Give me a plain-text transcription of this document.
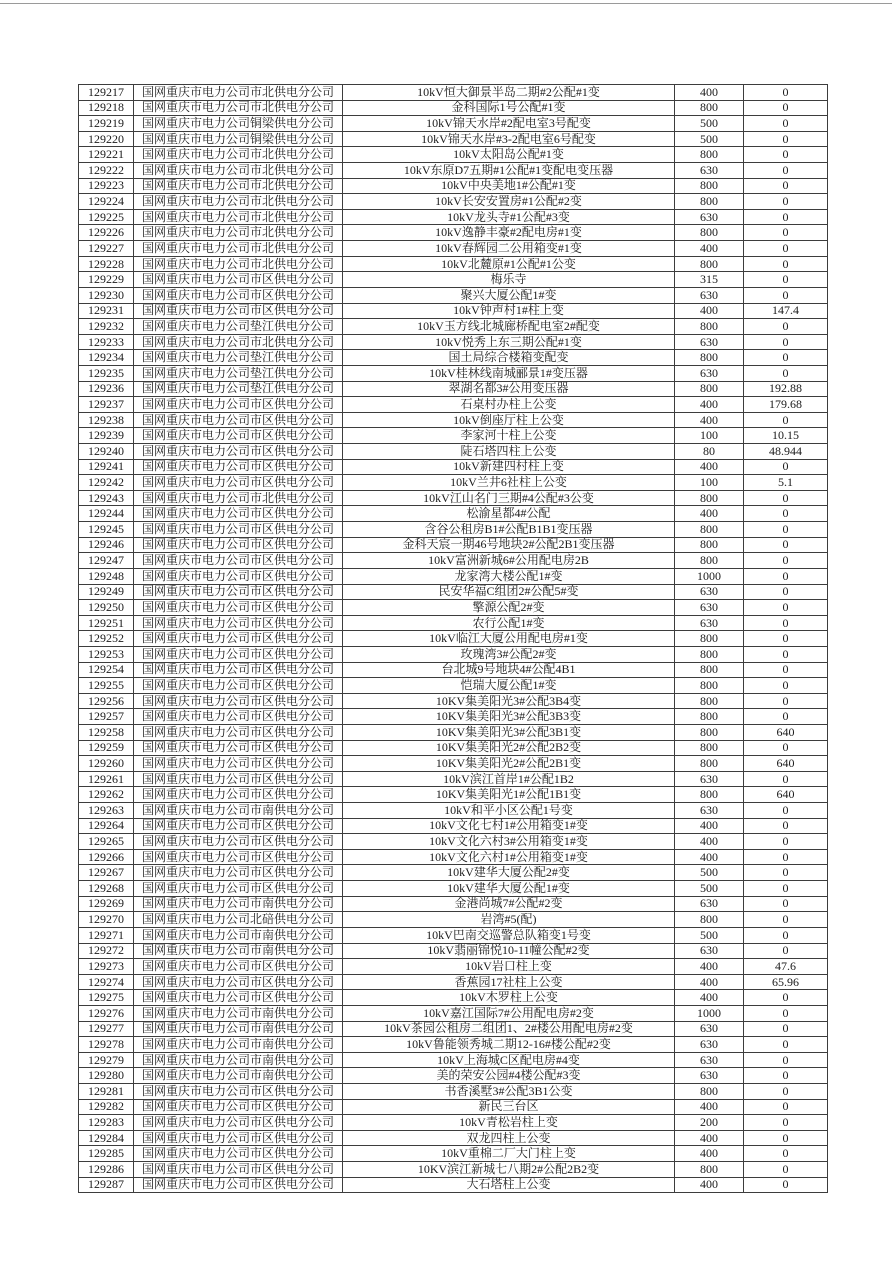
129217	国网重庆市电力公司市北供电分公司	10kV恒大御景半岛二期#2公配#1变	400	0
129218	国网重庆市电力公司市北供电分公司	金科国际1号公配#1变	800	0
129219	国网重庆市电力公司铜梁供电分公司	10kV锦天水岸#2配电室3号配变	500	0
129220	国网重庆市电力公司铜梁供电分公司	10kV锦天水岸#3-2配电室6号配变	500	0
129221	国网重庆市电力公司市北供电分公司	10kV太阳岛公配#1变	800	0
129222	国网重庆市电力公司市北供电分公司	10kV东原D7五期#1公配#1变配电变压器	630	0
129223	国网重庆市电力公司市北供电分公司	10kV中央美地1#公配#1变	800	0
129224	国网重庆市电力公司市北供电分公司	10kV长安安置房#1公配#2变	800	0
129225	国网重庆市电力公司市北供电分公司	10kV龙头寺#1公配#3变	630	0
129226	国网重庆市电力公司市北供电分公司	10kV逸静丰豪#2配电房#1变	800	0
129227	国网重庆市电力公司市北供电分公司	10kV春辉园二公用箱变#1变	400	0
129228	国网重庆市电力公司市北供电分公司	10kV北麓原#1公配#1公变	800	0
129229	国网重庆市电力公司市区供电分公司	梅乐寺	315	0
129230	国网重庆市电力公司市区供电分公司	聚兴大厦公配1#变	630	0
129231	国网重庆市电力公司市区供电分公司	10kV钟声村1#柱上变	400	147.4
129232	国网重庆市电力公司垫江供电分公司	10kV玉方线北城廊桥配电室2#配变	800	0
129233	国网重庆市电力公司市北供电分公司	10kV悦秀上东三期公配#1变	630	0
129234	国网重庆市电力公司垫江供电分公司	国土局综合楼箱变配变	800	0
129235	国网重庆市电力公司垫江供电分公司	10kV桂林线南城郦景1#变压器	630	0
129236	国网重庆市电力公司垫江供电分公司	翠湖名都3#公用变压器	800	192.88
129237	国网重庆市电力公司市区供电分公司	石桌村办柱上公变	400	179.68
129238	国网重庆市电力公司市区供电分公司	10kV倒座厅柱上公变	400	0
129239	国网重庆市电力公司市区供电分公司	李家河十柱上公变	100	10.15
129240	国网重庆市电力公司市区供电分公司	陡石塔四柱上公变	80	48.944
129241	国网重庆市电力公司市区供电分公司	10kV新建四村柱上变	400	0
129242	国网重庆市电力公司市区供电分公司	10kV兰井6社柱上公变	100	5.1
129243	国网重庆市电力公司市北供电分公司	10kV江山名门三期#4公配#3公变	800	0
129244	国网重庆市电力公司市区供电分公司	松渝星都4#公配	400	0
129245	国网重庆市电力公司市区供电分公司	含谷公租房B1#公配B1B1变压器	800	0
129246	国网重庆市电力公司市区供电分公司	金科天宸一期46号地块2#公配2B1变压器	800	0
129247	国网重庆市电力公司市区供电分公司	10kV富洲新城6#公用配电房2B	800	0
129248	国网重庆市电力公司市区供电分公司	龙家湾大楼公配1#变	1000	0
129249	国网重庆市电力公司市区供电分公司	民安华福C组团2#公配5#变	630	0
129250	国网重庆市电力公司市区供电分公司	擎源公配2#变	630	0
129251	国网重庆市电力公司市区供电分公司	农行公配1#变	630	0
129252	国网重庆市电力公司市区供电分公司	10kV临江大厦公用配电房#1变	800	0
129253	国网重庆市电力公司市区供电分公司	玫瑰湾3#公配2#变	800	0
129254	国网重庆市电力公司市区供电分公司	台北城9号地块4#公配4B1	800	0
129255	国网重庆市电力公司市区供电分公司	恺瑞大厦公配1#变	800	0
129256	国网重庆市电力公司市区供电分公司	10KV集美阳光3#公配3B4变	800	0
129257	国网重庆市电力公司市区供电分公司	10KV集美阳光3#公配3B3变	800	0
129258	国网重庆市电力公司市区供电分公司	10KV集美阳光3#公配3B1变	800	640
129259	国网重庆市电力公司市区供电分公司	10KV集美阳光2#公配2B2变	800	0
129260	国网重庆市电力公司市区供电分公司	10KV集美阳光2#公配2B1变	800	640
129261	国网重庆市电力公司市区供电分公司	10kV滨江首岸1#公配1B2	630	0
129262	国网重庆市电力公司市区供电分公司	10KV集美阳光1#公配1B1变	800	640
129263	国网重庆市电力公司市南供电分公司	10kV和平小区公配1号变	630	0
129264	国网重庆市电力公司市区供电分公司	10kV文化七村1#公用箱变1#变	400	0
129265	国网重庆市电力公司市区供电分公司	10kV文化六村3#公用箱变1#变	400	0
129266	国网重庆市电力公司市区供电分公司	10kV文化六村1#公用箱变1#变	400	0
129267	国网重庆市电力公司市区供电分公司	10kV建华大厦公配2#变	500	0
129268	国网重庆市电力公司市区供电分公司	10kV建华大厦公配1#变	500	0
129269	国网重庆市电力公司市南供电分公司	金港尚城7#公配#2变	630	0
129270	国网重庆市电力公司北碚供电分公司	岩湾#5(配)	800	0
129271	国网重庆市电力公司市南供电分公司	10kV巴南交巡警总队箱变1号变	500	0
129272	国网重庆市电力公司市南供电分公司	10kV翡丽锦悦10-11幢公配#2变	630	0
129273	国网重庆市电力公司市区供电分公司	10kV岩口柱上变	400	47.6
129274	国网重庆市电力公司市区供电分公司	香蕉园17社柱上公变	400	65.96
129275	国网重庆市电力公司市区供电分公司	10kV木罗柱上公变	400	0
129276	国网重庆市电力公司市南供电分公司	10kV嘉江国际7#公用配电房#2变	1000	0
129277	国网重庆市电力公司市南供电分公司	10kV茶园公租房二组团1、2#楼公用配电房#2变	630	0
129278	国网重庆市电力公司市南供电分公司	10kV鲁能领秀城二期12-16#楼公配#2变	630	0
129279	国网重庆市电力公司市南供电分公司	10kV上海城C区配电房#4变	630	0
129280	国网重庆市电力公司市南供电分公司	美的荣安公园#4楼公配#3变	630	0
129281	国网重庆市电力公司市区供电分公司	书香溪墅3#公配3B1公变	800	0
129282	国网重庆市电力公司市区供电分公司	新民三台区	400	0
129283	国网重庆市电力公司市区供电分公司	10kV青松岩柱上变	200	0
129284	国网重庆市电力公司市区供电分公司	双龙四柱上公变	400	0
129285	国网重庆市电力公司市区供电分公司	10kV重棉二厂大门柱上变	400	0
129286	国网重庆市电力公司市区供电分公司	10KV滨江新城七八期2#公配2B2变	800	0
129287	国网重庆市电力公司市区供电分公司	大石塔柱上公变	400	0
